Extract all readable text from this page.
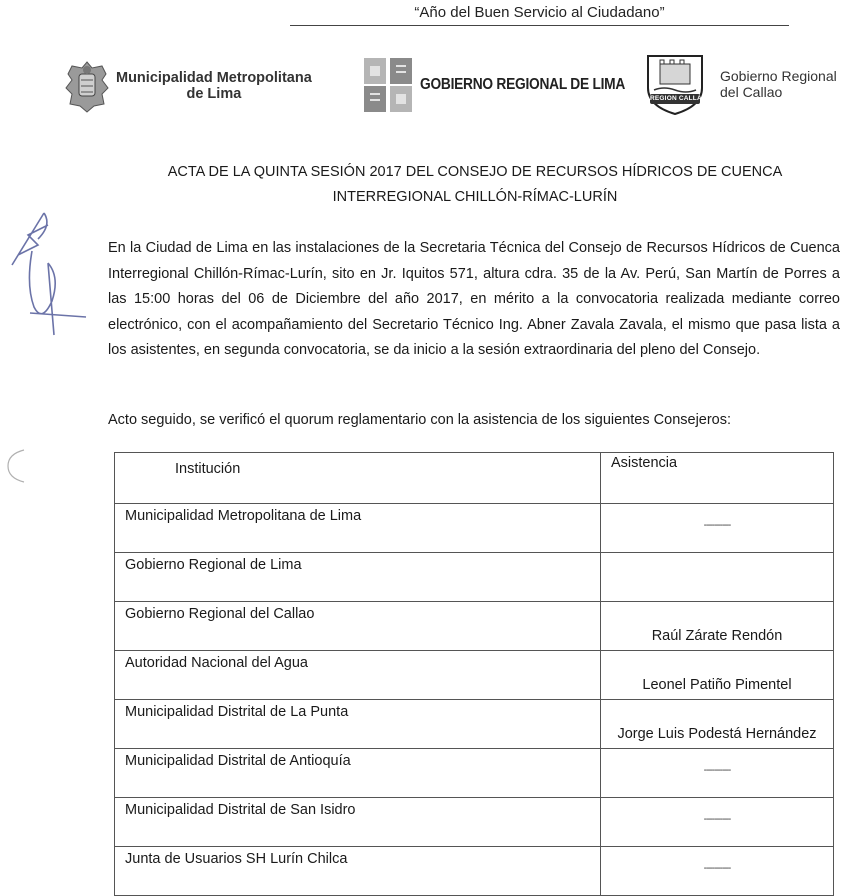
“Año del Buen Servicio al Ciudadano”
Municipalidad Metropolitana
de Lima
GOBIERNO REGIONAL DE LIMA
REGION CALLAO
Gobierno Regional
del Callao
ACTA DE LA QUINTA SESIÓN 2017 DEL CONSEJO DE RECURSOS HÍDRICOS DE CUENCA
INTERREGIONAL CHILLÓN-RÍMAC-LURÍN
En la Ciudad de Lima en las instalaciones de la Secretaria Técnica del Consejo de Recursos Hídricos de Cuenca Interregional Chillón-Rímac-Lurín, sito en Jr. Iquitos 571, altura cdra. 35 de la Av. Perú, San Martín de Porres a las 15:00 horas del 06 de Diciembre del año 2017, en mérito a la convocatoria realizada mediante correo electrónico, con el acompañamiento del Secretario Técnico Ing. Abner Zavala Zavala, el mismo que pasa lista a los asistentes, en segunda convocatoria, se da inicio a la sesión extraordinaria del pleno del Consejo.
Acto seguido, se verificó el quorum reglamentario con la asistencia de los siguientes Consejeros:
Institución	Asistencia
Municipalidad Metropolitana de Lima	----------
Gobierno Regional de Lima	
Gobierno Regional del Callao	Raúl Zárate Rendón
Autoridad Nacional del Agua	Leonel Patiño Pimentel
Municipalidad Distrital de La Punta	Jorge Luis Podestá Hernández
Municipalidad Distrital de Antioquía	----------
Municipalidad Distrital de San Isidro	----------
Junta de Usuarios SH Lurín Chilca	----------
